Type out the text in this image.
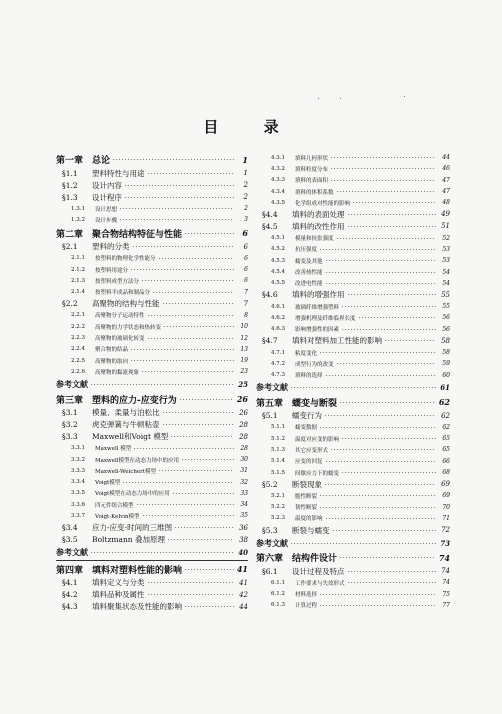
目 录
第一章 总论	1
§1.1	塑料特性与用途	1
§1.2	设计内容	2
§1.3	设计程序	2
1.3.1	设计思想	2
1.3.2	设计步骤	3
第二章 聚合物结构特征与性能	6
§2.1	塑料的分类	6
2.1.1	按塑料的物理化学性能分	6
2.1.2	按塑料用途分	6
2.1.3	按塑料成型方法分	6
2.1.4	按塑料半成品和制品分	7
§2.2	高聚物的结构与性能	7
2.2.1	高聚物分子运动特性	8
2.2.2	高聚物的力学状态和热转变	10
2.2.3	高聚物的玻璃化转变	12
2.2.4	聚合物的结晶	13
2.2.5	高聚物的取向	19
2.2.6	高聚物的黏流现象	23
参考文献	25
第三章 塑料的应力-应变行为	26
§3.1	模量、柔量与泊松比	26
§3.2	虎克弹簧与牛顿粘壶	28
§3.3	Maxwell和Voigt 模型	28
3.3.1	Maxwell 模型	28
3.3.2	Maxwell模型在动态力场中的应用	30
3.3.3	Maxwell-Weichert模型	31
3.3.4	Voigt模型	32
3.3.5	Voigt模型在动态力场中的应用	33
3.3.6	四元件组合模型	34
3.3.7	Voigt-Kelvin模型	35
§3.4	应力-应变-时间的三维图	36
§3.5	Boltzmann 叠加原理	38
参考文献	40
第四章 填料对塑料性能的影响	41
§4.1	填料定义与分类	41
§4.2	填料品种及属性	42
§4.3	填料聚集状态及性能的影响	44
4.3.1	填料几何形状	44
4.3.2	填料粒度分布	46
4.3.3	填料的表面积	47
4.3.4	填料的体积系数	47
4.3.5	化学组成对性能的影响	48
§4.4	填料的表面处理	49
§4.5	填料的改性作用	51
4.5.1	模量和抗张强度	52
4.5.2	抗压强度	53
4.5.3	蠕变及其他	53
4.5.4	改善热性能	54
4.5.5	改进电性能	54
§4.6	填料的增强作用	55
4.6.1	玻璃纤维增强塑料	55
4.6.2	增强机理及纤维临界长度	56
4.6.3	影响增强性的因素	56
§4.7	填料对塑料加工性能的影响	58
4.7.1	粘度变化	58
4.7.2	成型行为的改变	59
4.7.3	填料的选择	60
参考文献	61
第五章 蠕变与断裂	62
§5.1	蠕变行为	62
5.1.1	蠕变数据	62
5.1.2	温度对应变的影响	65
5.1.3	其它应变形式	65
5.1.4	应变的回复	66
5.1.5	间歇应力下的蠕变	68
§5.2	断裂现象	69
5.2.1	脆性断裂	69
5.2.2	韧性断裂	70
5.2.3	温度的影响	71
§5.3	断裂与蠕变	72
参考文献	73
第六章 结构件设计	74
§6.1	设计过程及特点	74
6.1.1	工作要求与失效形式	74
6.1.2	材料选择	75
6.1.3	计算过程	77
